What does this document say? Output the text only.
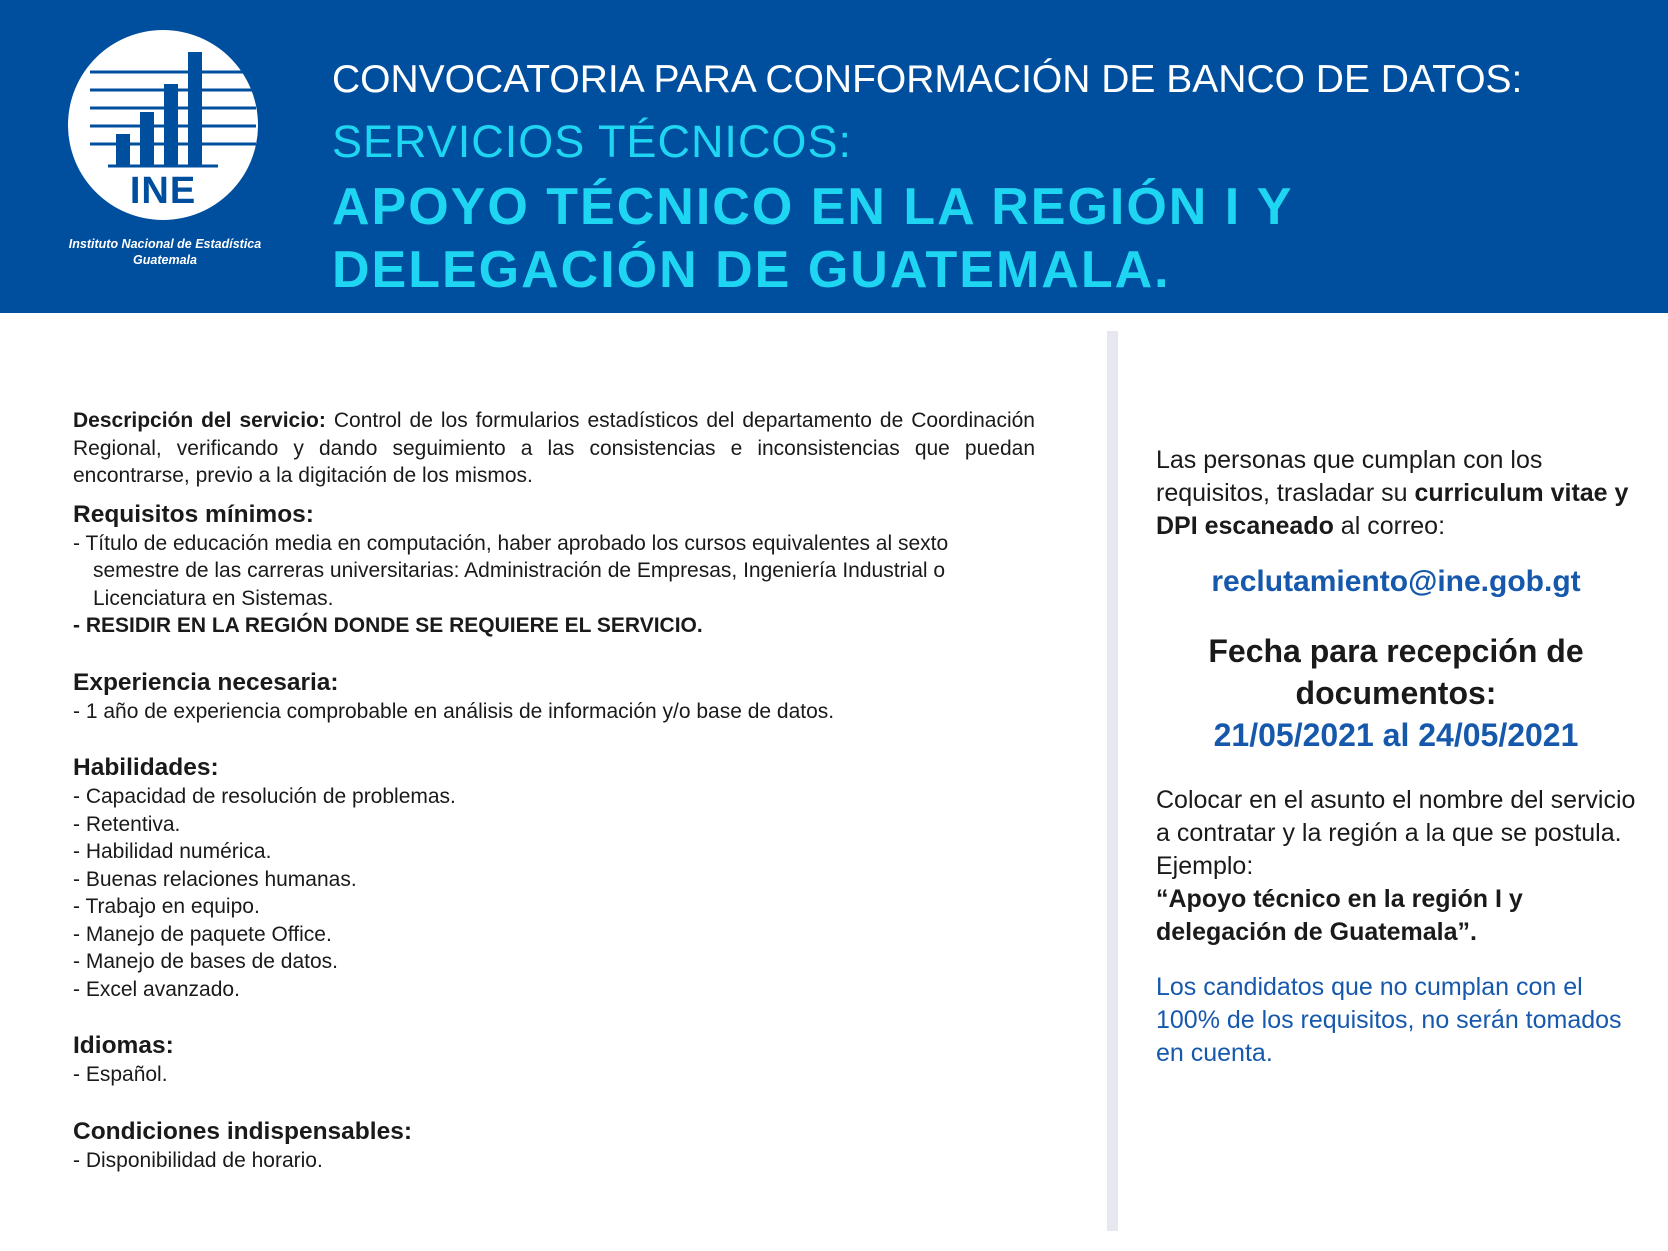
INE
Instituto Nacional de Estadística
Guatemala
CONVOCATORIA PARA CONFORMACIÓN DE BANCO DE DATOS:
SERVICIOS TÉCNICOS:
APOYO TÉCNICO EN LA REGIÓN I Y
DELEGACIÓN DE GUATEMALA.

Descripción del servicio: Control de los formularios estadísticos del departamento de Coordinación Regional, verificando y dando seguimiento a las consistencias e inconsistencias que puedan encontrarse, previo a la digitación de los mismos.

Requisitos mínimos:

- Título de educación media en computación, haber aprobado los cursos equivalentes al sexto semestre de las carreras universitarias: Administración de Empresas, Ingeniería Industrial o Licenciatura en Sistemas.

- RESIDIR EN LA REGIÓN DONDE SE REQUIERE EL SERVICIO.

Experiencia necesaria:

- 1 año de experiencia comprobable en análisis de información y/o base de datos.

Habilidades:

- Capacidad de resolución de problemas.

- Retentiva.

- Habilidad numérica.

- Buenas relaciones humanas.

- Trabajo en equipo.

- Manejo de paquete Office.

- Manejo de bases de datos.

- Excel avanzado.

Idiomas:

- Español.

Condiciones indispensables:

- Disponibilidad de horario.

Las personas que cumplan con los requisitos, trasladar su curriculum vitae y DPI escaneado al correo:

reclutamiento@ine.gob.gt

Fecha para recepción de documentos:

21/05/2021 al 24/05/2021

Colocar en el asunto el nombre del servicio a contratar y la región a la que se postula. Ejemplo:

“Apoyo técnico en la región I y delegación de Guatemala”.

Los candidatos que no cumplan con el 100% de los requisitos, no serán tomados en cuenta.
